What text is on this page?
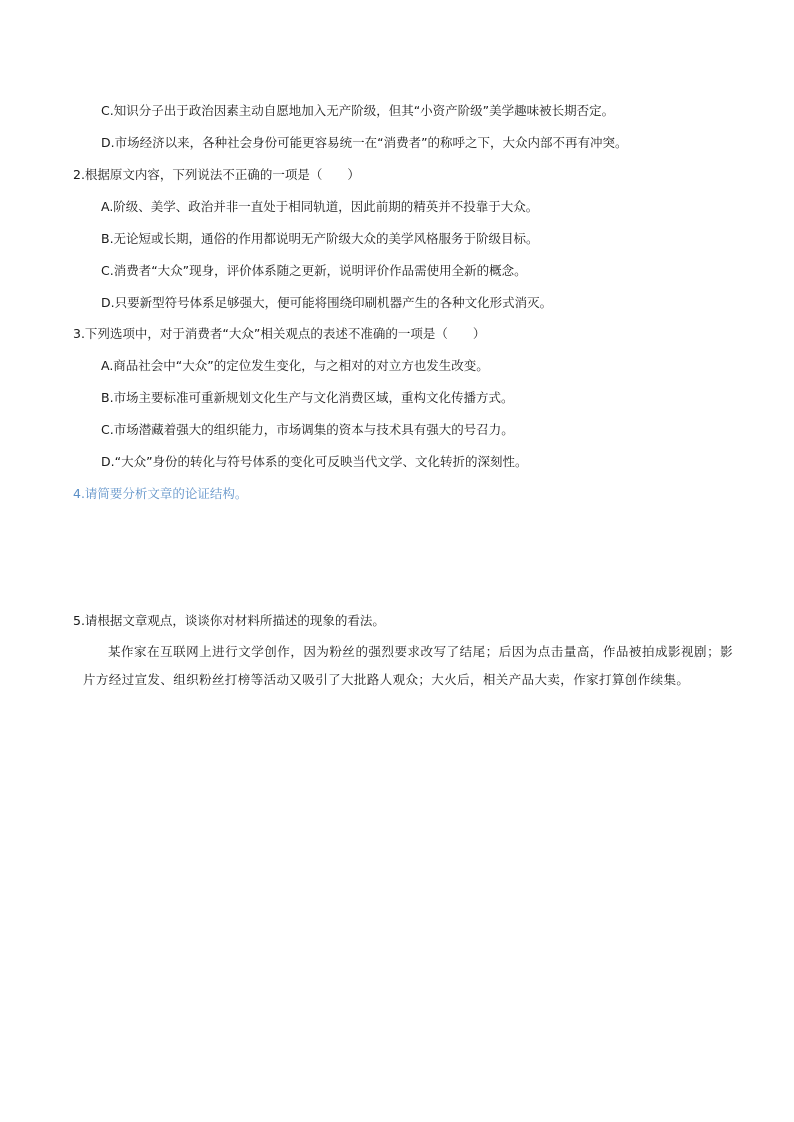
C.知识分子出于政治因素主动自愿地加入无产阶级，但其“小资产阶级”美学趣味被长期否定。
D.市场经济以来，各种社会身份可能更容易统一在“消费者”的称呼之下，大众内部不再有冲突。
2.根据原文内容，下列说法不正确的一项是（　　）
A.阶级、美学、政治并非一直处于相同轨道，因此前期的精英并不投靠于大众。
B.无论短或长期，通俗的作用都说明无产阶级大众的美学风格服务于阶级目标。
C.消费者“大众”现身，评价体系随之更新，说明评价作品需使用全新的概念。
D.只要新型符号体系足够强大，便可能将围绕印刷机器产生的各种文化形式消灭。
3.下列选项中，对于消费者“大众”相关观点的表述不准确的一项是（　　）
A.商品社会中“大众”的定位发生变化，与之相对的对立方也发生改变。
B.市场主要标准可重新规划文化生产与文化消费区域，重构文化传播方式。
C.市场潜藏着强大的组织能力，市场调集的资本与技术具有强大的号召力。
D.“大众”身份的转化与符号体系的变化可反映当代文学、文化转折的深刻性。
4.请简要分析文章的论证结构。
5.请根据文章观点，谈谈你对材料所描述的现象的看法。

某作家在互联网上进行文学创作，因为粉丝的强烈要求改写了结尾；后因为点击量高，作品被拍成影视剧；影片方经过宣发、组织粉丝打榜等活动又吸引了大批路人观众；大火后，相关产品大卖，作家打算创作续集。
